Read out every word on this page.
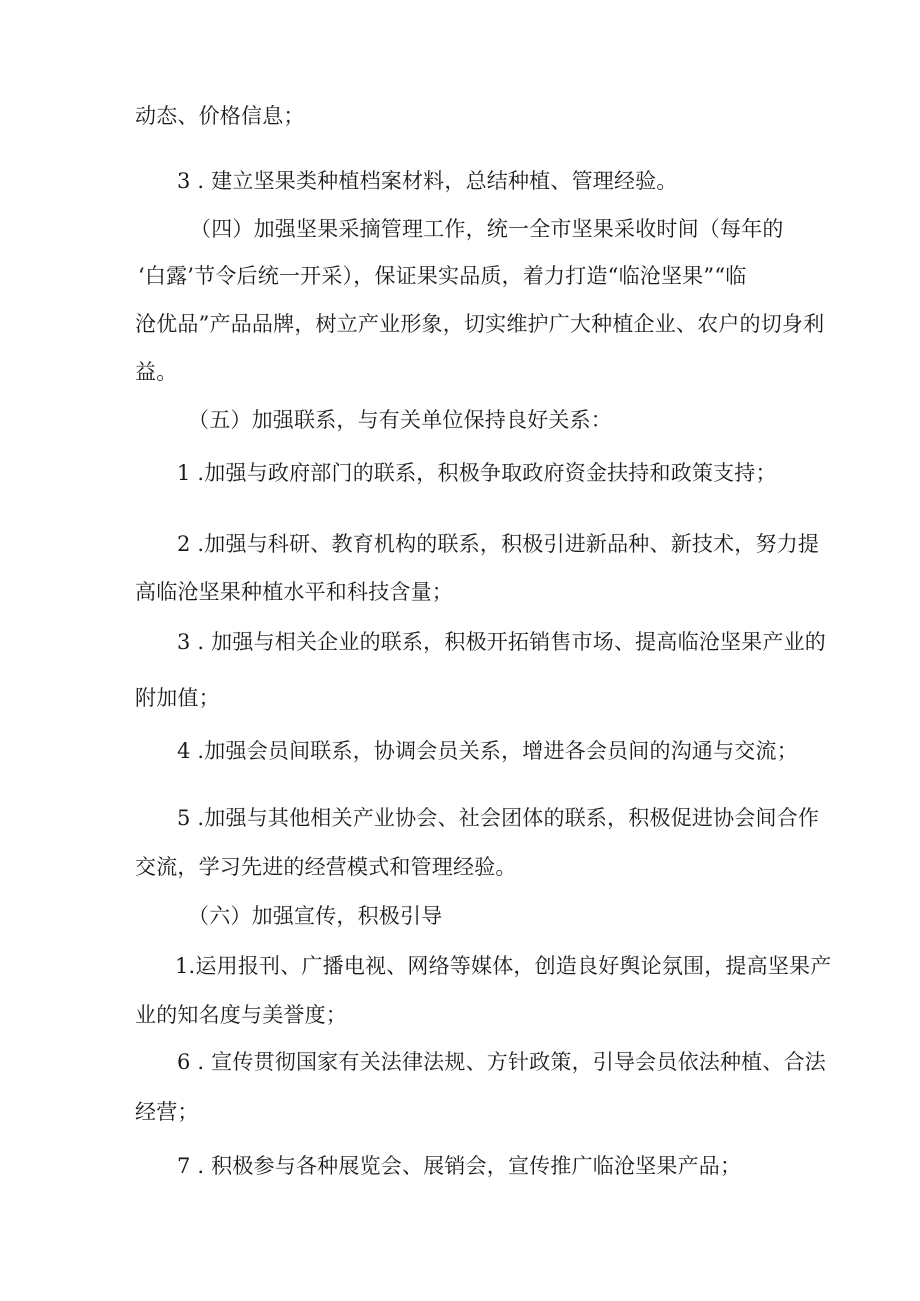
动态、价格信息；
3 . 建立坚果类种植档案材料，总结种植、管理经验。
（四）加强坚果采摘管理工作，统一全市坚果采收时间（每年的
‘白露’节令后统一开采），保证果实品质，着力打造“临沧坚果”“临
沧优品”产品品牌，树立产业形象，切实维护广大种植企业、农户的切身利
益。
（五）加强联系，与有关单位保持良好关系：
1 .加强与政府部门的联系，积极争取政府资金扶持和政策支持；
2 .加强与科研、教育机构的联系，积极引进新品种、新技术，努力提
高临沧坚果种植水平和科技含量；
3 . 加强与相关企业的联系，积极开拓销售市场、提高临沧坚果产业的
附加值；
4 .加强会员间联系，协调会员关系，增进各会员间的沟通与交流；
5 .加强与其他相关产业协会、社会团体的联系，积极促进协会间合作
交流，学习先进的经营模式和管理经验。
（六）加强宣传，积极引导
1.运用报刊、广播电视、网络等媒体，创造良好舆论氛围，提高坚果产
业的知名度与美誉度；
6 . 宣传贯彻国家有关法律法规、方针政策，引导会员依法种植、合法
经营；
7 . 积极参与各种展览会、展销会，宣传推广临沧坚果产品；
